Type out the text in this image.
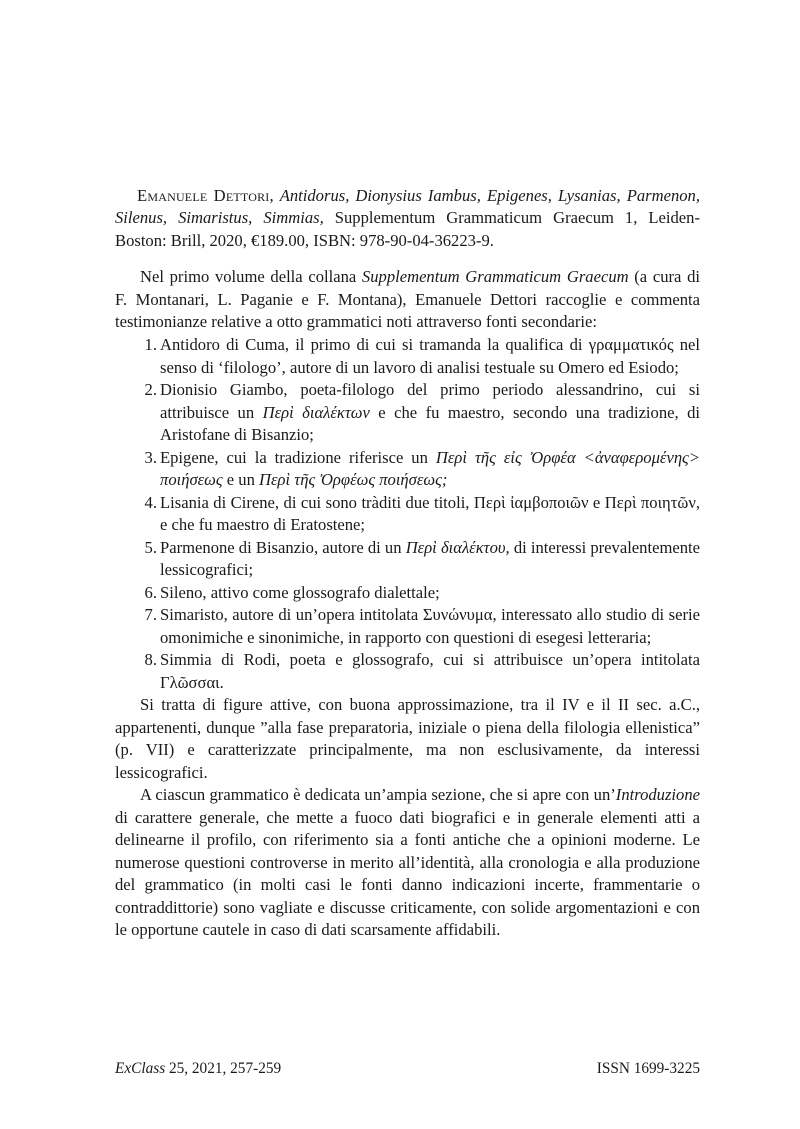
Emanuele Dettori, Antidorus, Dionysius Iambus, Epigenes, Lysanias, Parmenon, Silenus, Simaristus, Simmias, Supplementum Grammaticum Graecum 1, Leiden-Boston: Brill, 2020, €189.00, ISBN: 978-90-04-36223-9.

Nel primo volume della collana Supplementum Grammaticum Graecum (a cura di F. Montanari, L. Paganie e F. Montana), Emanuele Dettori raccoglie e commenta testimonianze relative a otto grammatici noti attraverso fonti secondarie:

1. Antidoro di Cuma, il primo di cui si tramanda la qualifica di γραμματικός nel senso di ‘filologo’, autore di un lavoro di analisi testuale su Omero ed Esiodo;
2. Dionisio Giambo, poeta-filologo del primo periodo alessandrino, cui si attribuisce un Περὶ διαλέκτων e che fu maestro, secondo una tradizione, di Aristofane di Bisanzio;
3. Epigene, cui la tradizione riferisce un Περὶ τῆς εἰς Ὀρφέα <ἀναφερομένης> ποιήσεως e un Περὶ τῆς Ὀρφέως ποιήσεως;
4. Lisania di Cirene, di cui sono tràditi due titoli, Περὶ ἰαμβοποιῶν e Περὶ ποιητῶν, e che fu maestro di Eratostene;
5. Parmenone di Bisanzio, autore di un Περὶ διαλέκτου, di interessi prevalentemente lessicografici;
6. Sileno, attivo come glossografo dialettale;
7. Simaristo, autore di un’opera intitolata Συνώνυμα, interessato allo studio di serie omonimiche e sinonimiche, in rapporto con questioni di esegesi letteraria;
8. Simmia di Rodi, poeta e glossografo, cui si attribuisce un’opera intitolata Γλῶσσαι.

Si tratta di figure attive, con buona approssimazione, tra il IV e il II sec. a.C., appartenenti, dunque ”alla fase preparatoria, iniziale o piena della filologia ellenistica” (p. VII) e caratterizzate principalmente, ma non esclusivamente, da interessi lessicografici.

A ciascun grammatico è dedicata un’ampia sezione, che si apre con un’Introduzione di carattere generale, che mette a fuoco dati biografici e in generale elementi atti a delinearne il profilo, con riferimento sia a fonti antiche che a opinioni moderne. Le numerose questioni controverse in merito all’identità, alla cronologia e alla produzione del grammatico (in molti casi le fonti danno indicazioni incerte, frammentarie o contraddittorie) sono vagliate e discusse criticamente, con solide argomentazioni e con le opportune cautele in caso di dati scarsamente affidabili.

ExClass 25, 2021, 257-259	ISSN 1699-3225
